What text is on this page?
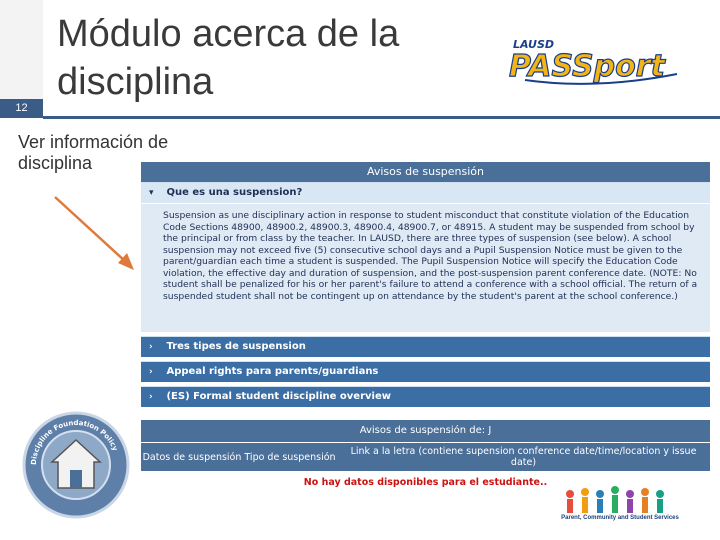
12
Módulo acerca de la disciplina
LAUSD
PASSport
Ver información de disciplina	Avisos de suspensión
▾ Que es una suspension?
Suspension as une disciplinary action in response to student misconduct that constitute violation of the Education Code Sections 48900, 48900.2, 48900.3, 48900.4, 48900.7, or 48915. A student may be suspended from school by the principal or from class by the teacher. In LAUSD, there are three types of suspension (see below). A school suspension may not exceed five (5) consecutive school days and a Pupil Suspension Notice must be given to the parent/guardian each time a student is suspended. The Pupil Suspension Notice will specify the Education Code violation, the effective day and duration of suspension, and the post-suspension parent conference date. (NOTE: No student shall be penalized for his or her parent's failure to attend a conference with a school official. The return of a suspended student shall not be contingent up on attendance by the student's parent at the school conference.)
› Tres tipes de suspension
› Appeal rights para parents/guardians
› (ES) Formal student discipline overview
Avisos de suspensión de: J
Datos de suspensión Tipo de suspensión	Link a la letra (contiene supension conference date/time/location y issue date)
No hay datos disponibles para el estudiante..
Discipline Foundation Policy
Parent, Community and Student Services
